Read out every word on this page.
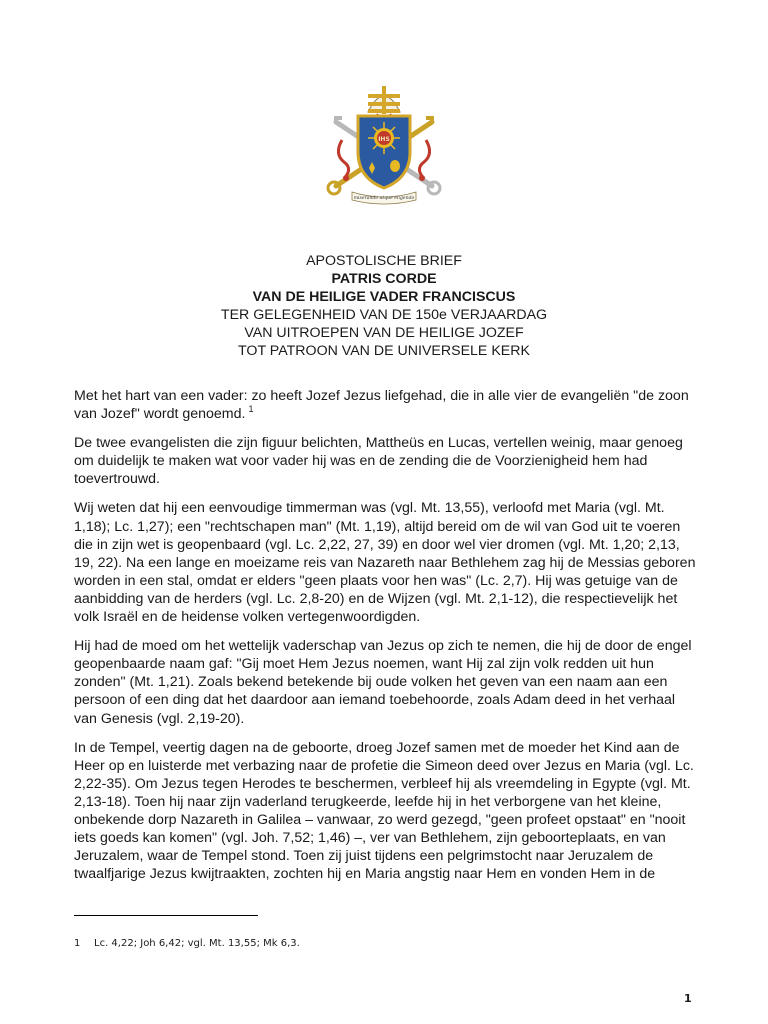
IHS
miserando atque eligendo
APOSTOLISCHE BRIEF
PATRIS CORDE
VAN DE HEILIGE VADER FRANCISCUS
TER GELEGENHEID VAN DE 150e VERJAARDAG
VAN UITROEPEN VAN DE HEILIGE JOZEF
TOT PATROON VAN DE UNIVERSELE KERK

Met het hart van een vader: zo heeft Jozef Jezus liefgehad, die in alle vier de evangeliën "de zoon
van Jozef" wordt genoemd. $^1$

De twee evangelisten die zijn figuur belichten, Mattheüs en Lucas, vertellen weinig, maar genoeg
om duidelijk te maken wat voor vader hij was en de zending die de Voorzienigheid hem had
toevertrouwd.

Wij weten dat hij een eenvoudige timmerman was (vgl. Mt. 13,55), verloofd met Maria (vgl. Mt.
1,18); Lc. 1,27); een "rechtschapen man" (Mt. 1,19), altijd bereid om de wil van God uit te voeren
die in zijn wet is geopenbaard (vgl. Lc. 2,22, 27, 39) en door wel vier dromen (vgl. Mt. 1,20; 2,13,
19, 22). Na een lange en moeizame reis van Nazareth naar Bethlehem zag hij de Messias geboren
worden in een stal, omdat er elders "geen plaats voor hen was" (Lc. 2,7). Hij was getuige van de
aanbidding van de herders (vgl. Lc. 2,8-20) en de Wijzen (vgl. Mt. 2,1-12), die respectievelijk het
volk Israël en de heidense volken vertegenwoordigden.

Hij had de moed om het wettelijk vaderschap van Jezus op zich te nemen, die hij de door de engel
geopenbaarde naam gaf: "Gij moet Hem Jezus noemen, want Hij zal zijn volk redden uit hun
zonden" (Mt. 1,21). Zoals bekend betekende bij oude volken het geven van een naam aan een
persoon of een ding dat het daardoor aan iemand toebehoorde, zoals Adam deed in het verhaal
van Genesis (vgl. 2,19-20).

In de Tempel, veertig dagen na de geboorte, droeg Jozef samen met de moeder het Kind aan de
Heer op en luisterde met verbazing naar de profetie die Simeon deed over Jezus en Maria (vgl. Lc.
2,22-35). Om Jezus tegen Herodes te beschermen, verbleef hij als vreemdeling in Egypte (vgl. Mt.
2,13-18). Toen hij naar zijn vaderland terugkeerde, leefde hij in het verborgene van het kleine,
onbekende dorp Nazareth in Galilea – vanwaar, zo werd gezegd, "geen profeet opstaat" en "nooit
iets goeds kan komen" (vgl. Joh. 7,52; 1,46) –, ver van Bethlehem, zijn geboorteplaats, en van
Jeruzalem, waar de Tempel stond. Toen zij juist tijdens een pelgrimstocht naar Jeruzalem de
twaalfjarige Jezus kwijtraakten, zochten hij en Maria angstig naar Hem en vonden Hem in de

1 Lc. 4,22; Joh 6,42; vgl. Mt. 13,55; Mk 6,3.
1
